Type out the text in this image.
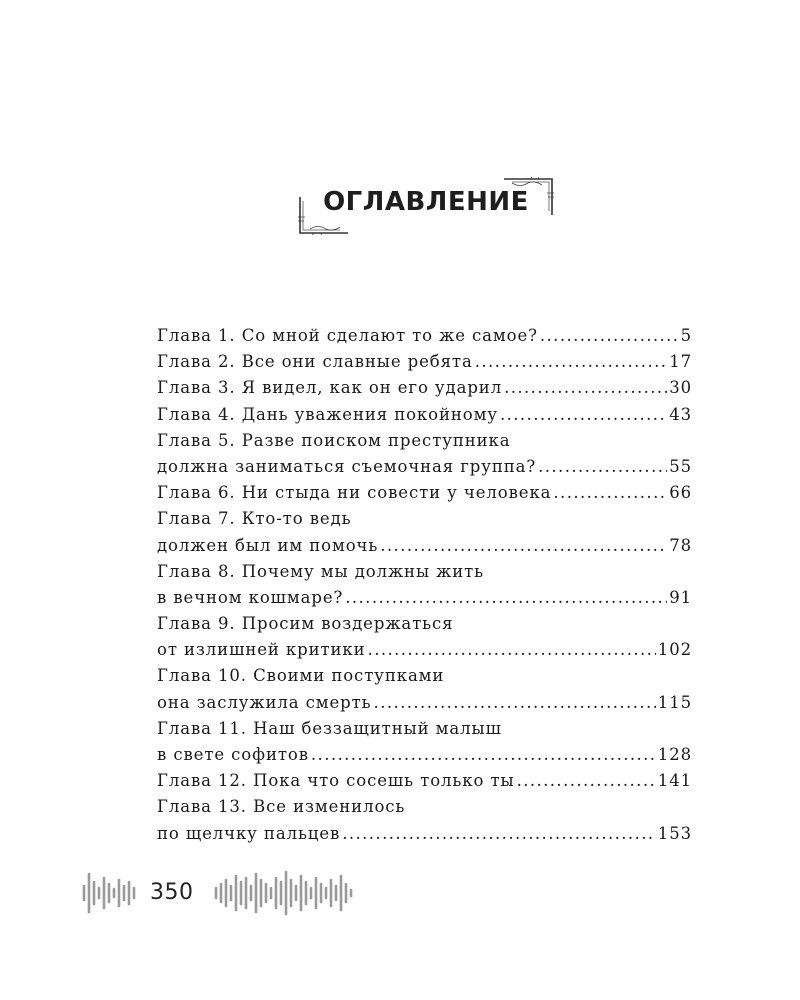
ОГЛАВЛЕНИЕ
Глава 1. Со мной сделают то же самое? .....	5
Глава 2. Все они славные ребята .....	17
Глава 3. Я видел, как он его ударил .....	30
Глава 4. Дань уважения покойному .....	43
Глава 5. Разве поиском преступника
должна заниматься съемочная группа? .....	55
Глава 6. Ни стыда ни совести у человека .....	66
Глава 7. Кто-то ведь
должен был им помочь .....	78
Глава 8. Почему мы должны жить
в вечном кошмаре? .....	91
Глава 9. Просим воздержаться
от излишней критики .....	102
Глава 10. Своими поступками
она заслужила смерть .....	115
Глава 11. Наш беззащитный малыш
в свете софитов .....	128
Глава 12. Пока что сосешь только ты .....	141
Глава 13. Все изменилось
по щелчку пальцев .....	153
350
